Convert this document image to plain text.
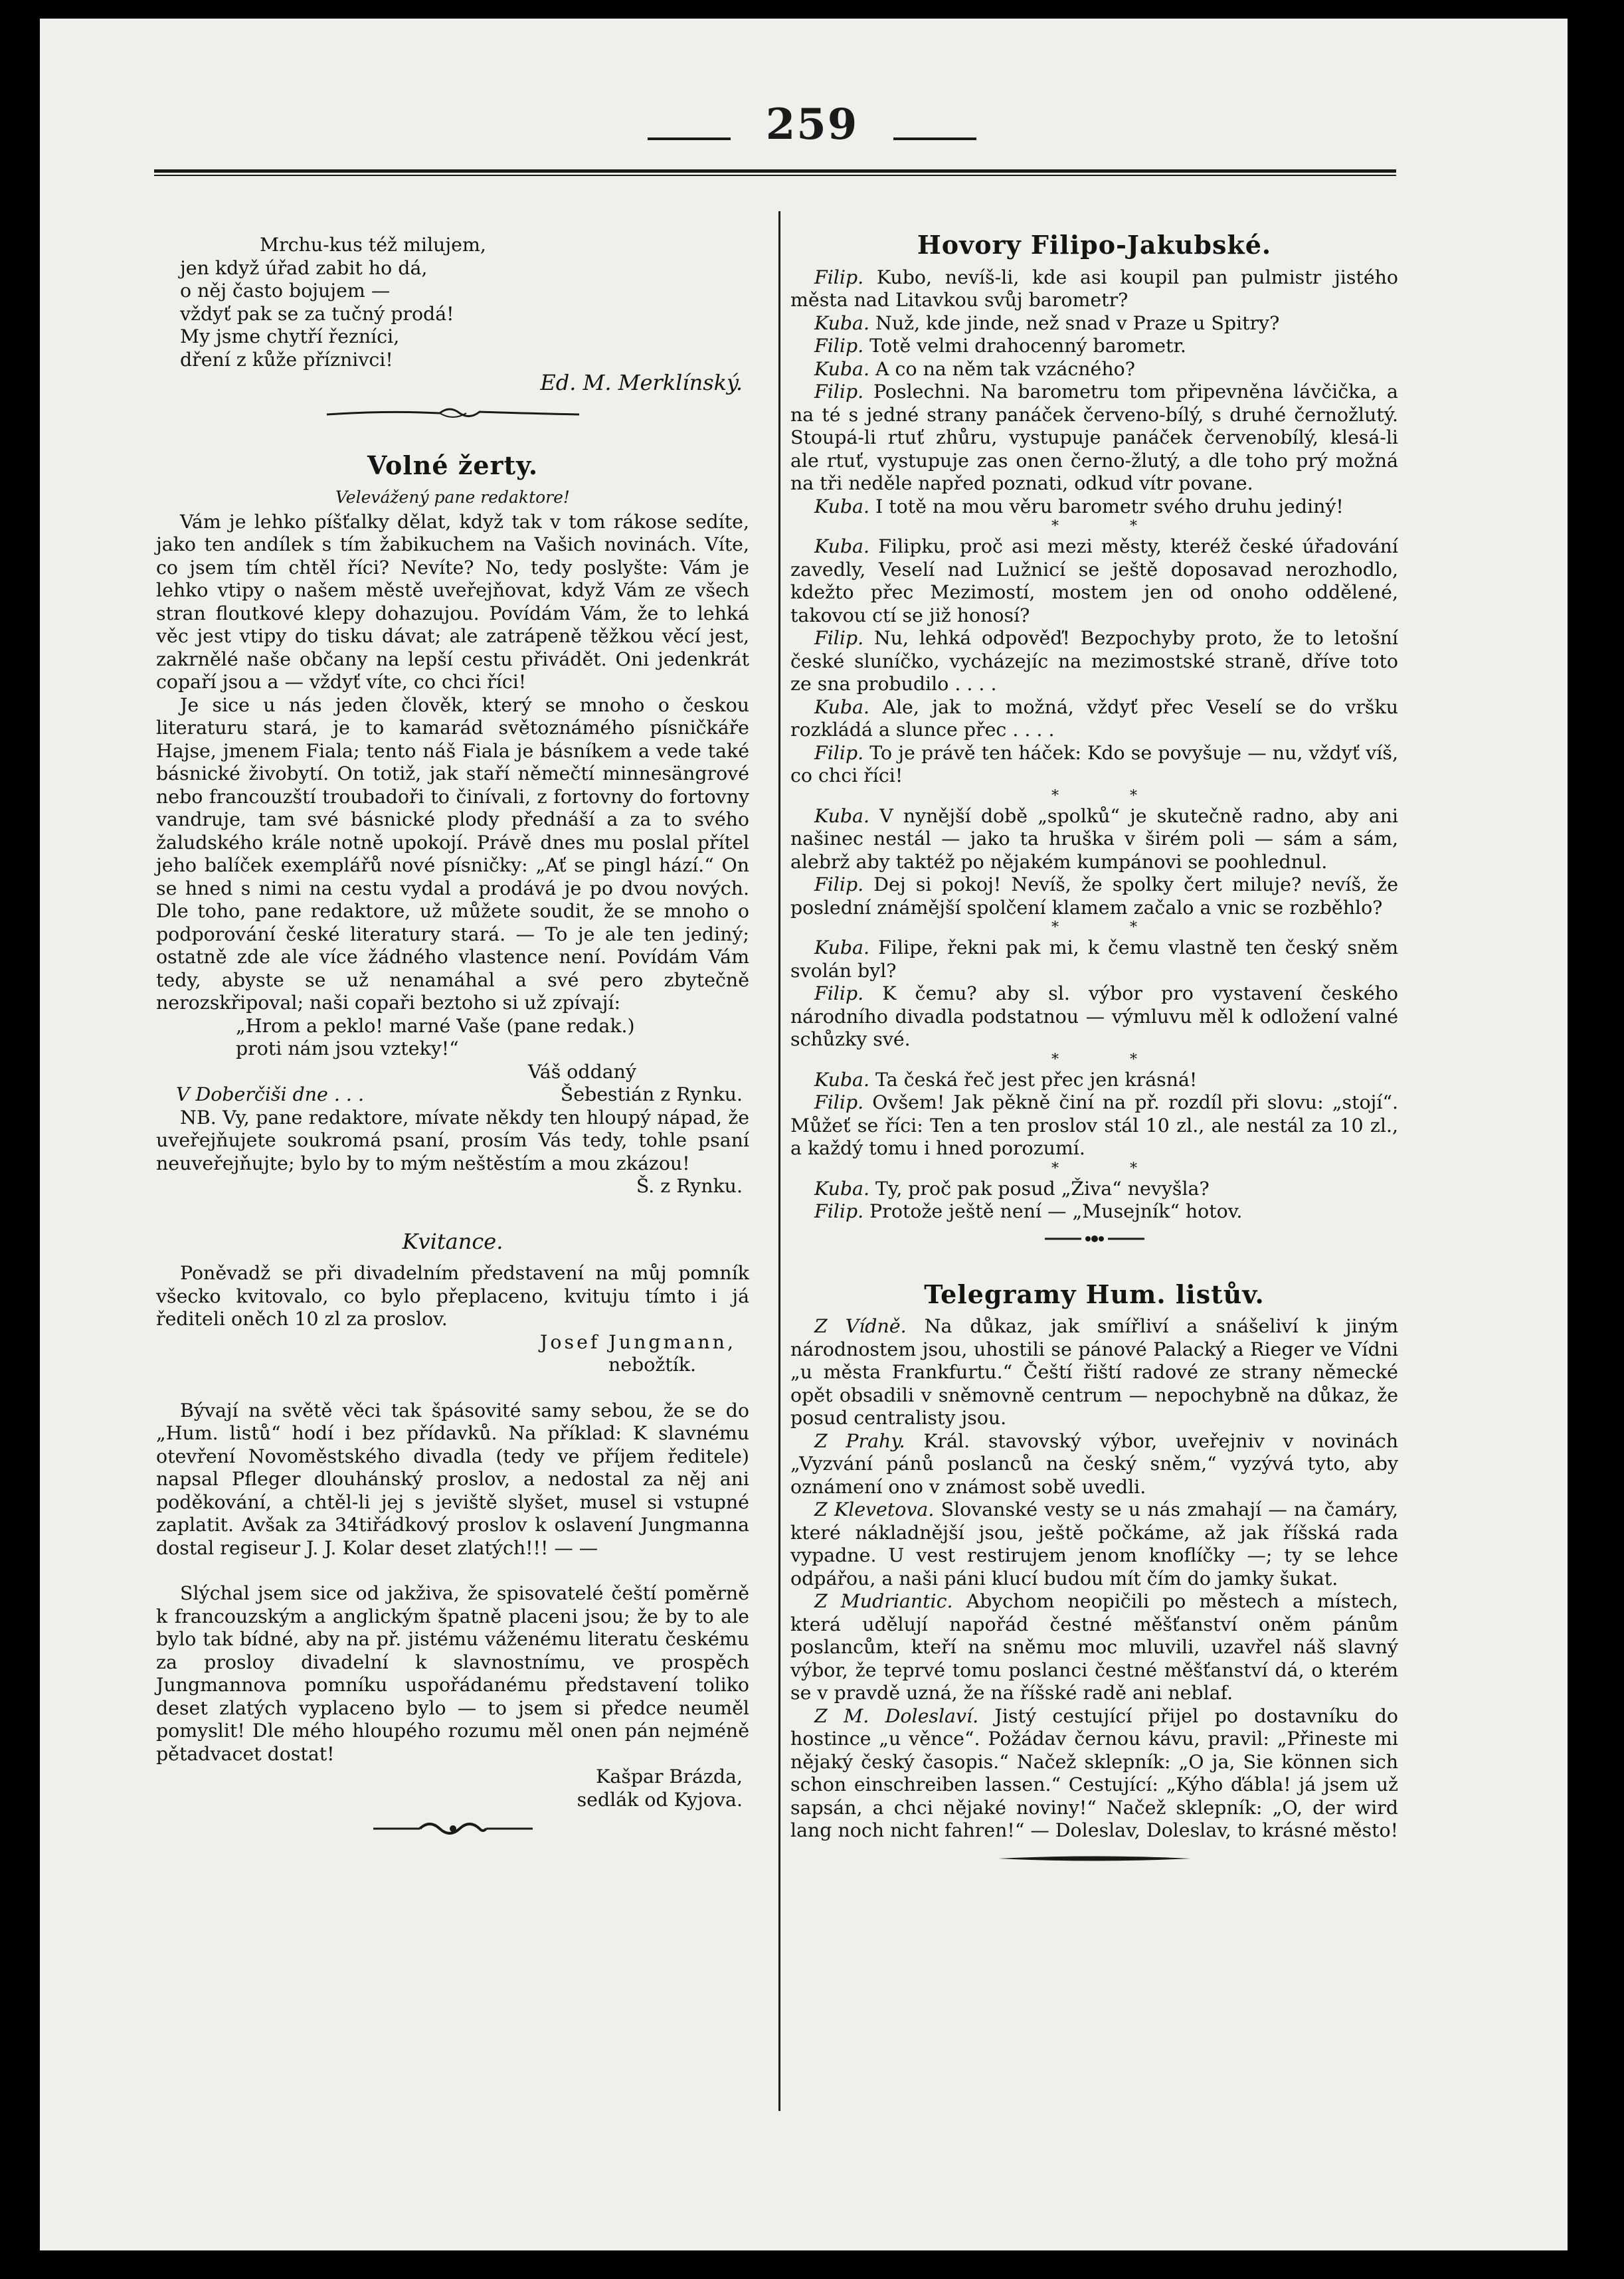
259

Mrchu-kus též milujem,

jen když úřad zabit ho dá,

o něj často bojujem —

vždyť pak se za tučný prodá!

My jsme chytří řezníci,

dření z kůže příznivci!

Ed. M. Merklínský.

Volné žerty.
Velevážený pane redaktore!

Vám je lehko píšťalky dělat, když tak v tom rákose sedíte, jako ten andílek s tím žabikuchem na Vašich novinách. Víte, co jsem tím chtěl říci? Nevíte? No, tedy poslyšte: Vám je lehko vtipy o našem městě uveřejňovat, když Vám ze všech stran floutkové klepy dohazujou. Povídám Vám, že to lehká věc jest vtipy do tisku dávat; ale zatrápeně těžkou věcí jest, zakrnělé naše občany na lepší cestu přivádět. Oni jedenkrát copaří jsou a — vždyť víte, co chci říci!

Je sice u nás jeden člověk, který se mnoho o českou literaturu stará, je to kamarád světoznámého písničkáře Hajse, jmenem Fiala; tento náš Fiala je básníkem a vede také básnické živobytí. On totiž, jak staří němečtí minnesängrové nebo francouzští troubadoři to činívali, z fortovny do fortovny vandruje, tam své básnické plody přednáší a za to svého žaludského krále notně upokojí. Právě dnes mu poslal přítel jeho balíček exemplářů nové písničky: „Ať se pingl hází.“ On se hned s nimi na cestu vydal a prodává je po dvou nových. Dle toho, pane redaktore, už můžete soudit, že se mnoho o podporování české literatury stará. — To je ale ten jediný; ostatně zde ale více žádného vlastence není. Povídám Vám tedy, abyste se už nenamáhal a své pero zbytečně nerozskřipoval; naši copaři beztoho si už zpívají:

„Hrom a peklo! marné Vaše (pane redak.)
proti nám jsou vzteky!“
Váš oddaný
V Doberčiši dne . . .	Šebestián z Rynku.

NB. Vy, pane redaktore, mívate někdy ten hloupý nápad, že uveřejňujete soukromá psaní, prosím Vás tedy, tohle psaní neuveřejňujte; bylo by to mým neštěstím a mou zkázou!

Š. z Rynku.
Kvitance.

Poněvadž se při divadelním představení na můj pomník všecko kvitovalo, co bylo přeplaceno, kvituju tímto i já řediteli oněch 10 zl za proslov.

Josef Jungmann,
nebožtík.

Bývají na světě věci tak špásovité samy sebou, že se do „Hum. listů“ hodí i bez přídavků. Na příklad: K slavnému otevření Novoměstského divadla (tedy ve příjem ředitele) napsal Pfleger dlouhánský proslov, a nedostal za něj ani poděkování, a chtěl-li jej s jeviště slyšet, musel si vstupné zaplatit. Avšak za 34tiřádkový proslov k oslavení Jungmanna dostal regiseur J. J. Kolar deset zlatých!!! — —

Slýchal jsem sice od jakživa, že spisovatelé čeští poměrně k francouzským a anglickým špatně placeni jsou; že by to ale bylo tak bídné, aby na př. jistému váženému literatu českému za prosloy divadelní k slavnostnímu, ve prospěch Jungmannova pomníku uspořádanému představení toliko deset zlatých vyplaceno bylo — to jsem si předce neuměl pomyslit! Dle mého hloupého rozumu měl onen pán nejméně pětadvacet dostat!

Kašpar Brázda,
sedlák od Kyjova.
Hovory Filipo-Jakubské.

Filip. Kubo, nevíš-li, kde asi koupil pan pulmistr jistého města nad Litavkou svůj barometr?

Kuba. Nuž, kde jinde, než snad v Praze u Spitry?

Filip. Totě velmi drahocenný barometr.

Kuba. A co na něm tak vzácného?

Filip. Poslechni. Na barometru tom připevněna lávčička, a na té s jedné strany panáček červeno-bílý, s druhé černožlutý. Stoupá-li rtuť zhůru, vystupuje panáček červenobílý, klesá-li ale rtuť, vystupuje zas onen černo-žlutý, a dle toho prý možná na tři neděle napřed poznati, odkud vítr povane.

Kuba. I totě na mou věru barometr svého druhu jediný!

* *

Kuba. Filipku, proč asi mezi městy, kteréž české úřadování zavedly, Veselí nad Lužnicí se ještě doposavad nerozhodlo, kdežto přec Mezimostí, mostem jen od onoho oddělené, takovou ctí se již honosí?

Filip. Nu, lehká odpověď! Bezpochyby proto, že to letošní české sluníčko, vycházejíc na mezimostské straně, dříve toto ze sna probudilo . . . .

Kuba. Ale, jak to možná, vždyť přec Veselí se do vršku rozkládá a slunce přec . . . .

Filip. To je právě ten háček: Kdo se povyšuje — nu, vždyť víš, co chci říci!

* *

Kuba. V nynější době „spolků“ je skutečně radno, aby ani našinec nestál — jako ta hruška v širém poli — sám a sám, alebrž aby taktéž po nějakém kumpánovi se poohlednul.

Filip. Dej si pokoj! Nevíš, že spolky čert miluje? nevíš, že poslední známější spolčení klamem začalo a vnic se rozběhlo?

* *

Kuba. Filipe, řekni pak mi, k čemu vlastně ten český sněm svolán byl?

Filip. K čemu? aby sl. výbor pro vystavení českého národního divadla podstatnou — výmluvu měl k odložení valné schůzky své.

* *

Kuba. Ta česká řeč jest přec jen krásná!

Filip. Ovšem! Jak pěkně činí na př. rozdíl při slovu: „stojí“. Můžeť se říci: Ten a ten proslov stál 10 zl., ale nestál za 10 zl., a každý tomu i hned porozumí.

* *

Kuba. Ty, proč pak posud „Živa“ nevyšla?

Filip. Protože ještě není — „Musejník“ hotov.

Telegramy Hum. listův.

Z Vídně. Na důkaz, jak smířliví a snášeliví k jiným národnostem jsou, uhostili se pánové Palacký a Rieger ve Vídni „u města Frankfurtu.“ Čeští řiští radové ze strany německé opět obsadili v sněmovně centrum — nepochybně na důkaz, že posud centralisty jsou.

Z Prahy. Král. stavovský výbor, uveřejniv v novinách „Vyzvání pánů poslanců na český sněm,“ vyzývá tyto, aby oznámení ono v známost sobě uvedli.

Z Klevetova. Slovanské vesty se u nás zmahají — na čamáry, které nákladnější jsou, ještě počkáme, až jak říšská rada vypadne. U vest restirujem jenom knoflíčky —; ty se lehce odpářou, a naši páni klucí budou mít čím do jamky šukat.

Z Mudriantic. Abychom neopičili po městech a místech, která udělují napořád čestné měšťanství oněm pánům poslancům, kteří na sněmu moc mluvili, uzavřel náš slavný výbor, že teprvé tomu poslanci čestné měšťanství dá, o kterém se v pravdě uzná, že na říšské radě ani neblaf.

Z M. Doleslaví. Jistý cestující přijel po dostavníku do hostince „u věnce“. Požádav černou kávu, pravil: „Přineste mi nějaký český časopis.“ Načež sklepník: „O ja, Sie können sich schon einschreiben lassen.“ Cestující: „Kýho ďábla! já jsem už sapsán, a chci nějaké noviny!“ Načež sklepník: „O, der wird lang noch nicht fahren!“ — Doleslav, Doleslav, to krásné město!
